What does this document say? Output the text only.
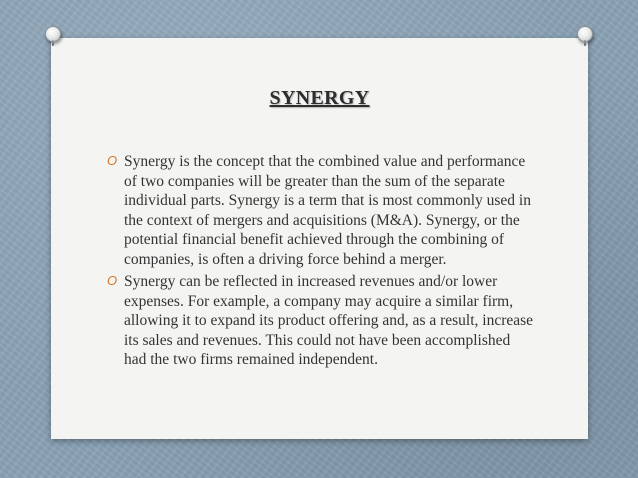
SYNERGY
O Synergy is the concept that the combined value and performance of two companies will be greater than the sum of the separate individual parts. Synergy is a term that is most commonly used in the context of mergers and acquisitions (M&A). Synergy, or the potential financial benefit achieved through the combining of companies, is often a driving force behind a merger.
O Synergy can be reflected in increased revenues and/or lower expenses. For example, a company may acquire a similar firm, allowing it to expand its product offering and, as a result, increase its sales and revenues. This could not have been accomplished had the two firms remained independent.
